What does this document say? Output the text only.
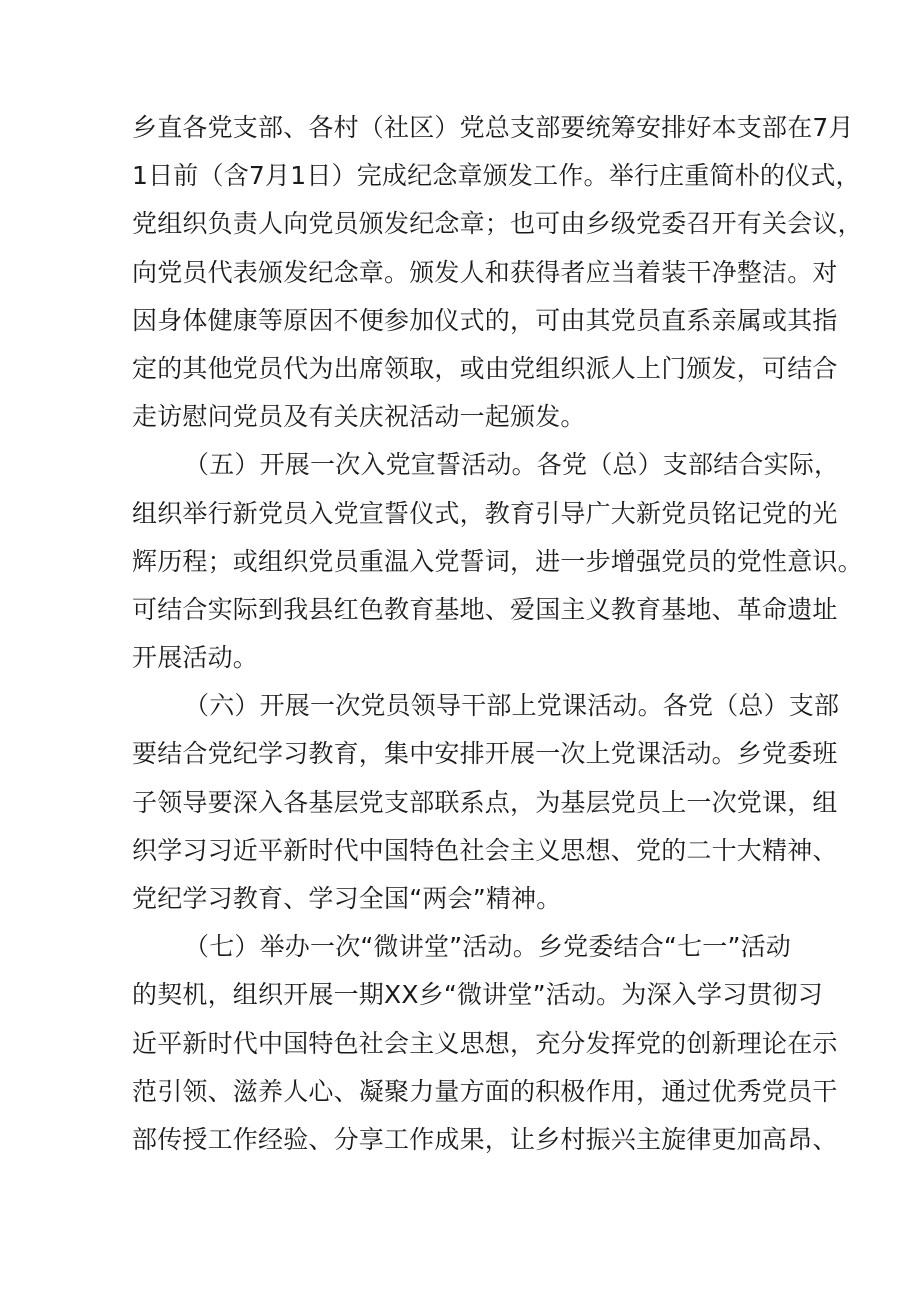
乡直各党支部、各村（社区）党总支部要统筹安排好本支部在7月
1日前（含7月1日）完成纪念章颁发工作。举行庄重简朴的仪式，
党组织负责人向党员颁发纪念章；也可由乡级党委召开有关会议，
向党员代表颁发纪念章。颁发人和获得者应当着装干净整洁。对
因身体健康等原因不便参加仪式的，可由其党员直系亲属或其指
定的其他党员代为出席领取，或由党组织派人上门颁发，可结合
走访慰问党员及有关庆祝活动一起颁发。
（五）开展一次入党宣誓活动。各党（总）支部结合实际，
组织举行新党员入党宣誓仪式，教育引导广大新党员铭记党的光
辉历程；或组织党员重温入党誓词，进一步增强党员的党性意识。
可结合实际到我县红色教育基地、爱国主义教育基地、革命遗址
开展活动。
（六）开展一次党员领导干部上党课活动。各党（总）支部
要结合党纪学习教育，集中安排开展一次上党课活动。乡党委班
子领导要深入各基层党支部联系点，为基层党员上一次党课，组
织学习习近平新时代中国特色社会主义思想、党的二十大精神、
党纪学习教育、学习全国“两会”精神。
（七）举办一次“微讲堂”活动。乡党委结合“七一”活动
的契机，组织开展一期XX乡“微讲堂”活动。为深入学习贯彻习
近平新时代中国特色社会主义思想，充分发挥党的创新理论在示
范引领、滋养人心、凝聚力量方面的积极作用，通过优秀党员干
部传授工作经验、分享工作成果，让乡村振兴主旋律更加高昂、
